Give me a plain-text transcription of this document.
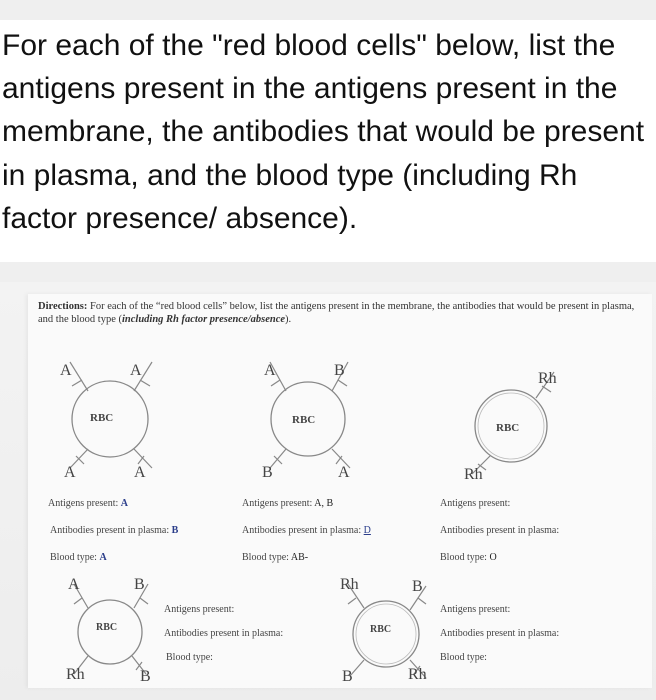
For each of the "red blood cells" below, list the antigens present in the antigens present in the membrane, the antibodies that would be present in plasma, and the blood type (including Rh factor presence/ absence).

Directions: For each of the “red blood cells” below, list the antigens present in the membrane, the antibodies that would be present in plasma, and the blood type (including Rh factor presence/absence).
A	A
A	A
RBC
Antigens present: A
Antibodies present in plasma: B
Blood type: A
A	B
B	A
RBC
Antigens present: A, B
Antibodies present in plasma: D
Blood type: AB-
Rh
Rh
RBC
Antigens present:
Antibodies present in plasma:
Blood type: O
A	B
Rh	B
RBC
Antigens present:
Antibodies present in plasma:
Blood type:
Rh	B
B	Rh
RBC
Antigens present:
Antibodies present in plasma:
Blood type:
